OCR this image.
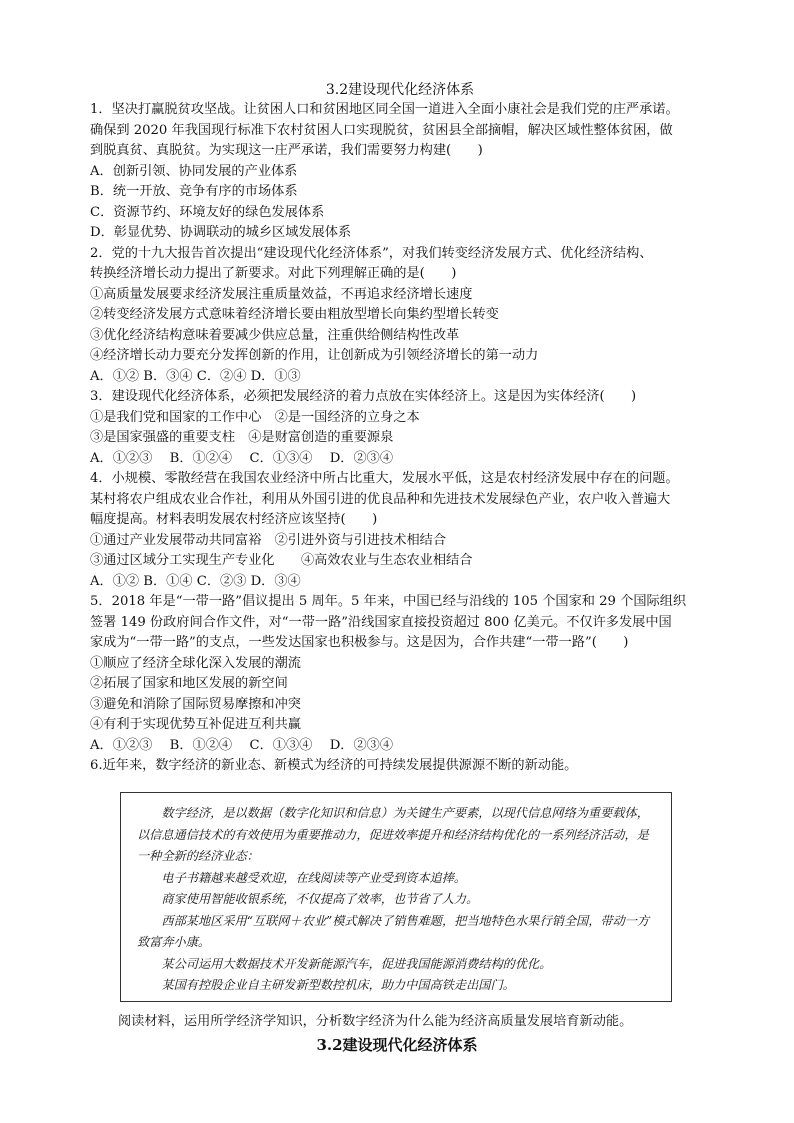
3.2建设现代化经济体系

1．坚决打赢脱贫攻坚战。让贫困人口和贫困地区同全国一道进入全面小康社会是我们党的庄严承诺。

确保到 2020 年我国现行标准下农村贫困人口实现脱贫，贫困县全部摘帽，解决区域性整体贫困，做

到脱真贫、真脱贫。为实现这一庄严承诺，我们需要努力构建(　　)

A．创新引领、协同发展的产业体系

B．统一开放、竞争有序的市场体系

C．资源节约、环境友好的绿色发展体系

D．彰显优势、协调联动的城乡区域发展体系

2．党的十九大报告首次提出“建设现代化经济体系”，对我们转变经济发展方式、优化经济结构、

转换经济增长动力提出了新要求。对此下列理解正确的是(　　)

①高质量发展要求经济发展注重质量效益，不再追求经济增长速度

②转变经济发展方式意味着经济增长要由粗放型增长向集约型增长转变

③优化经济结构意味着要减少供应总量，注重供给侧结构性改革

④经济增长动力要充分发挥创新的作用，让创新成为引领经济增长的第一动力

A．①② B．③④ C．②④ D．①③

3．建设现代化经济体系，必须把发展经济的着力点放在实体经济上。这是因为实体经济(　　)

①是我们党和国家的工作中心　②是一国经济的立身之本

③是国家强盛的重要支柱　④是财富创造的重要源泉

A．①②③　 B．①②④　 C．①③④　 D．②③④

4．小规模、零散经营在我国农业经济中所占比重大，发展水平低，这是农村经济发展中存在的问题。

某村将农户组成农业合作社，利用从外国引进的优良品种和先进技术发展绿色产业，农户收入普遍大

幅度提高。材料表明发展农村经济应该坚持(　　)

①通过产业发展带动共同富裕　②引进外资与引进技术相结合

③通过区域分工实现生产专业化　　④高效农业与生态农业相结合

A．①② B．①④ C．②③ D．③④

5．2018 年是“一带一路”倡议提出 5 周年。5 年来，中国已经与沿线的 105 个国家和 29 个国际组织

签署 149 份政府间合作文件，对“一带一路”沿线国家直接投资超过 800 亿美元。不仅许多发展中国

家成为“一带一路”的支点，一些发达国家也积极参与。这是因为，合作共建“一带一路”(　　)

①顺应了经济全球化深入发展的潮流

②拓展了国家和地区发展的新空间

③避免和消除了国际贸易摩擦和冲突

④有利于实现优势互补促进互利共赢

A．①②③　 B．①②④　 C．①③④　 D．②③④

6.近年来，数字经济的新业态、新模式为经济的可持续发展提供源源不断的新动能。

数字经济，是以数据（数字化知识和信息）为关键生产要素，以现代信息网络为重要载体，以信息通信技术的有效使用为重要推动力，促进效率提升和经济结构优化的一系列经济活动，是一种全新的经济业态：

电子书籍越来越受欢迎，在线阅读等产业受到资本追捧。

商家使用智能收银系统，不仅提高了效率，也节省了人力。

西部某地区采用“互联网＋农业”模式解决了销售难题，把当地特色水果行销全国，带动一方致富奔小康。

某公司运用大数据技术开发新能源汽车，促进我国能源消费结构的优化。

某国有控股企业自主研发新型数控机床，助力中国高铁走出国门。

阅读材料，运用所学经济学知识，分析数字经济为什么能为经济高质量发展培育新动能。

3.2建设现代化经济体系
